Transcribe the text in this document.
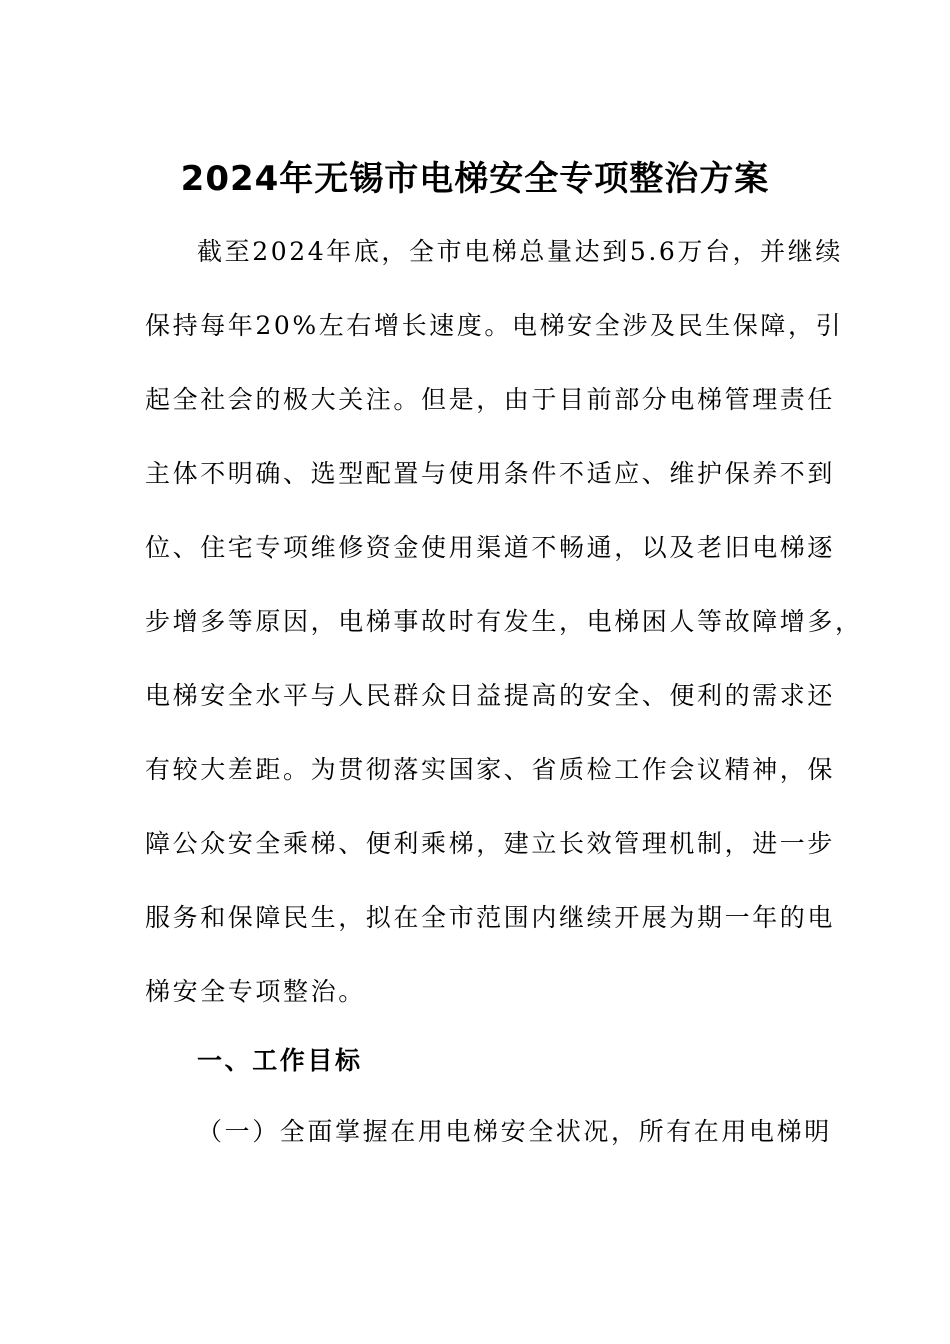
2024年无锡市电梯安全专项整治方案
截至2024年底，全市电梯总量达到5.6万台，并继续
保持每年20%左右增长速度。电梯安全涉及民生保障，引
起全社会的极大关注。但是，由于目前部分电梯管理责任
主体不明确、选型配置与使用条件不适应、维护保养不到
位、住宅专项维修资金使用渠道不畅通，以及老旧电梯逐
步增多等原因，电梯事故时有发生，电梯困人等故障增多，
电梯安全水平与人民群众日益提高的安全、便利的需求还
有较大差距。为贯彻落实国家、省质检工作会议精神，保
障公众安全乘梯、便利乘梯，建立长效管理机制，进一步
服务和保障民生，拟在全市范围内继续开展为期一年的电
梯安全专项整治。
一、工作目标

（一）全面掌握在用电梯安全状况，所有在用电梯明
